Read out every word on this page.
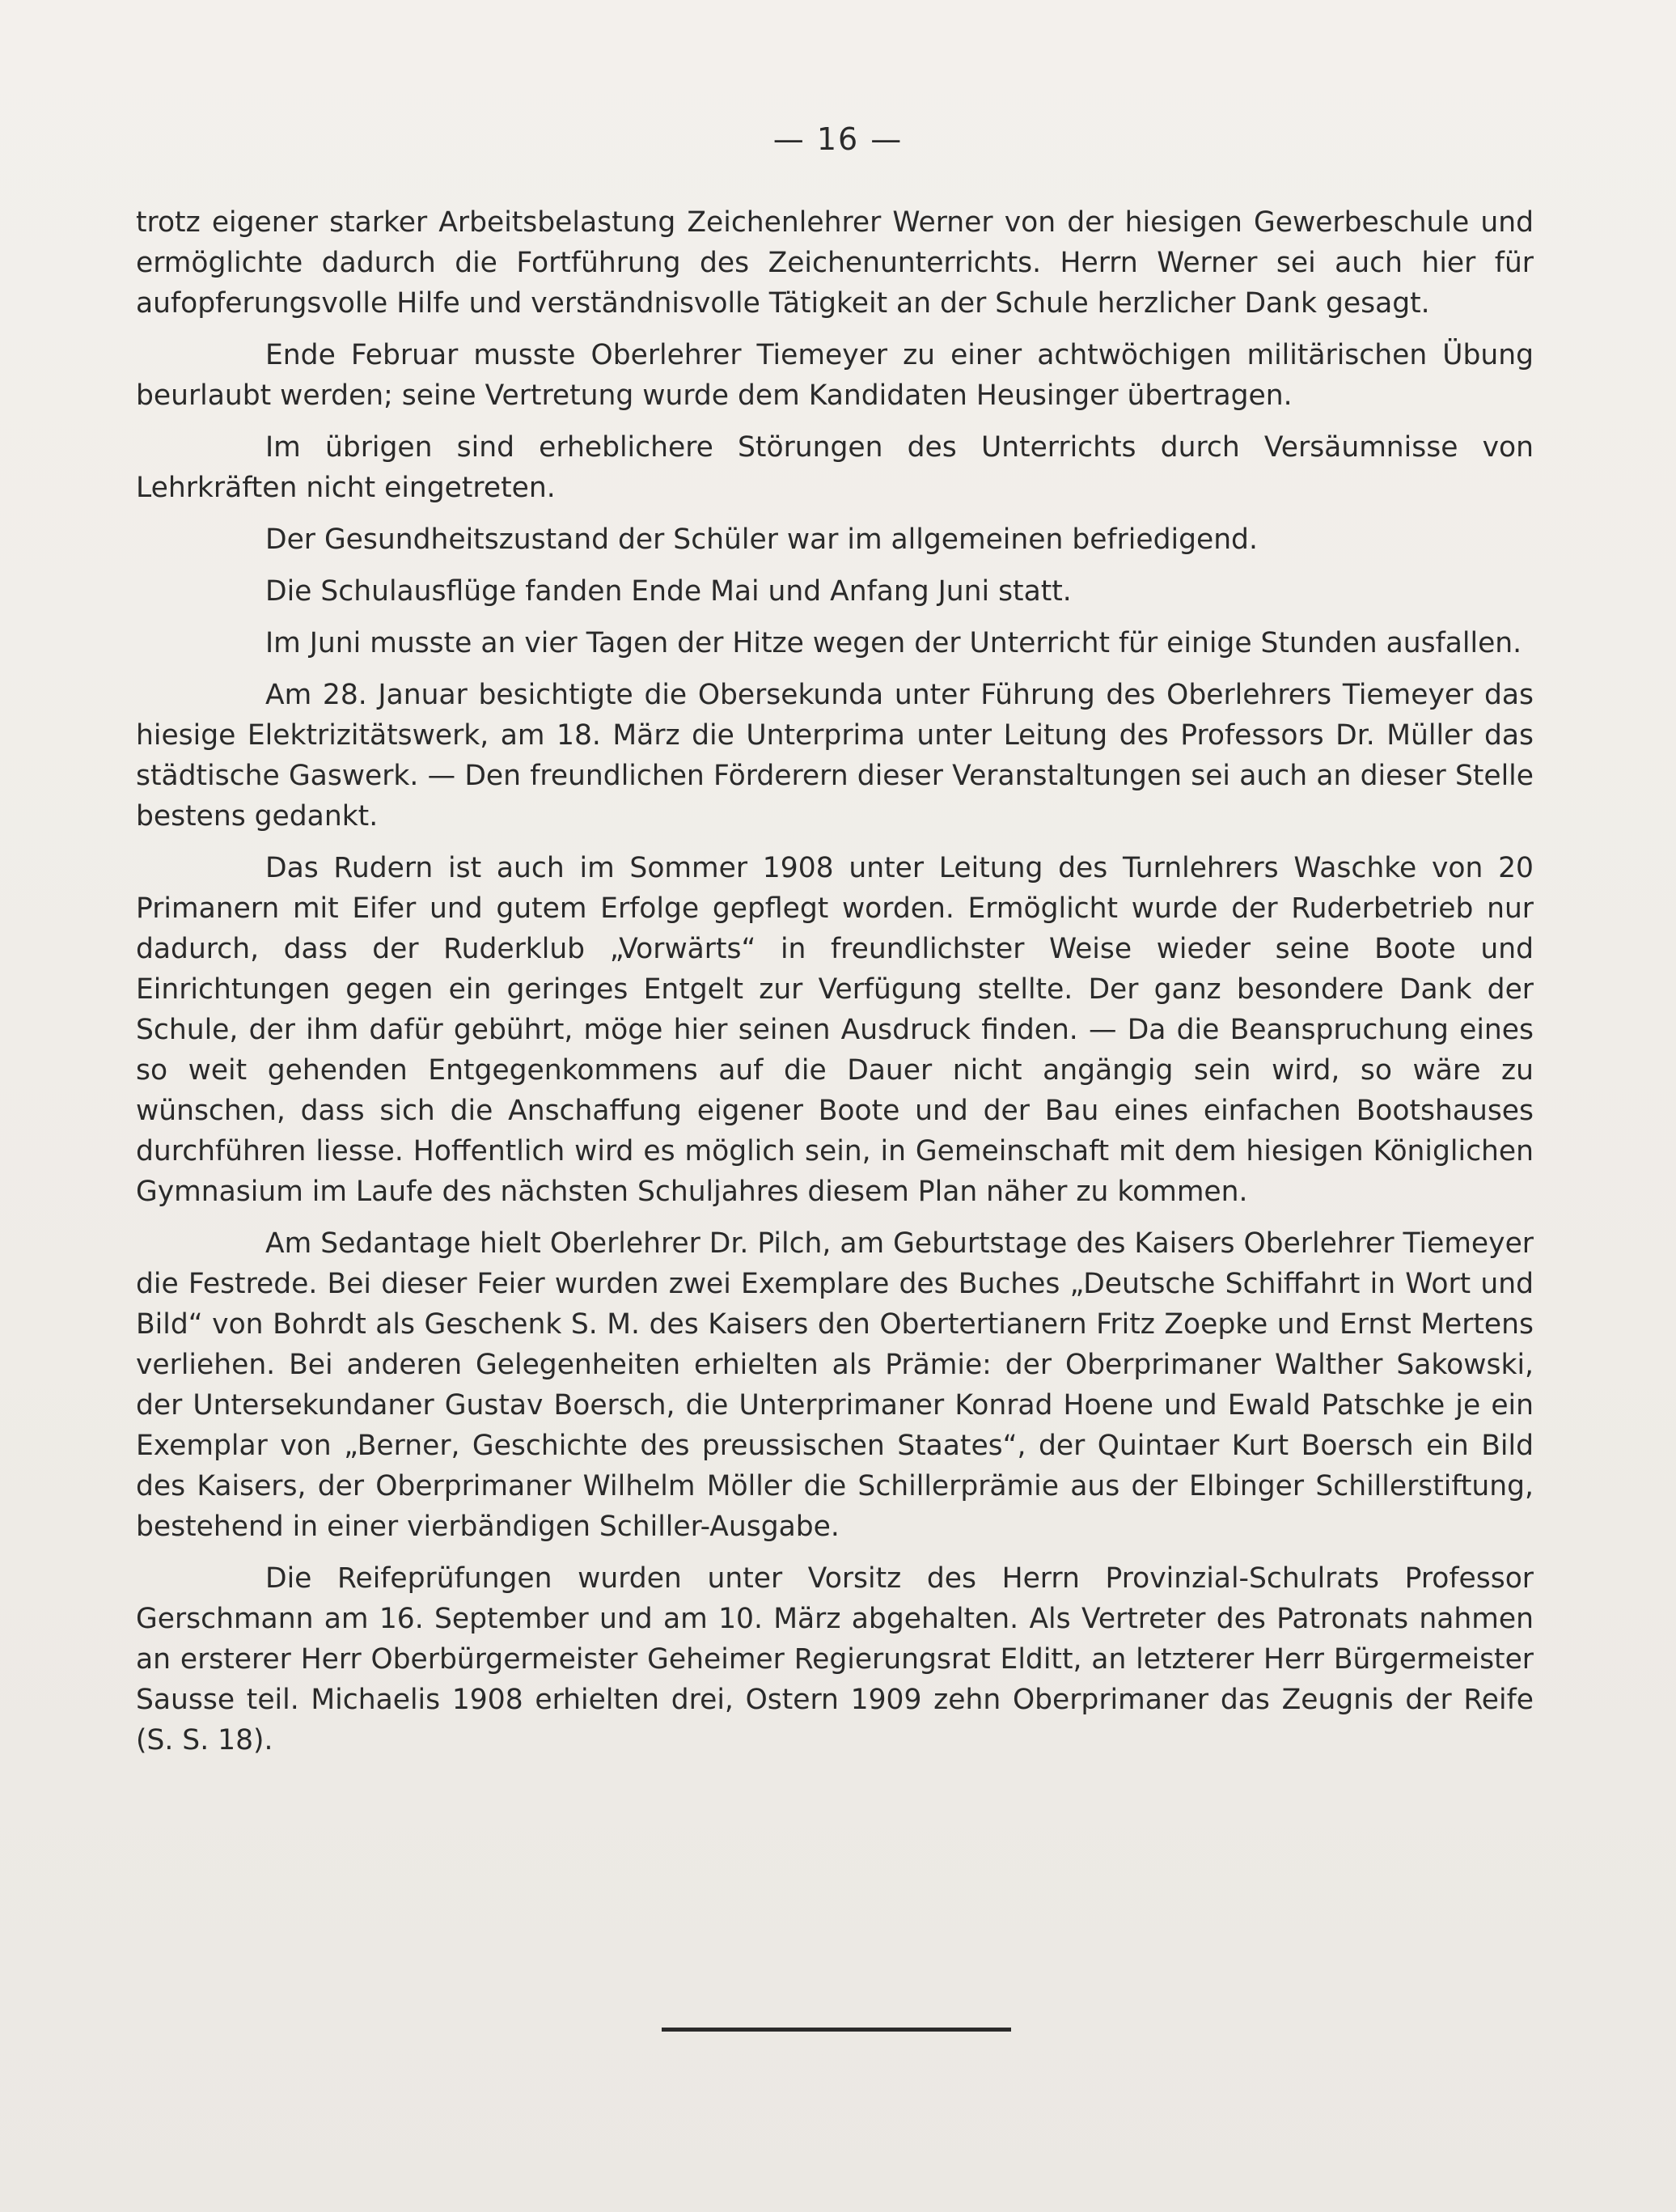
— 16 —

trotz eigener starker Arbeitsbelastung Zeichenlehrer Werner von der hiesigen Gewerbeschule und ermöglichte dadurch die Fortführung des Zeichenunterrichts. Herrn Werner sei auch hier für aufopferungsvolle Hilfe und verständnisvolle Tätigkeit an der Schule herzlicher Dank gesagt.

Ende Februar musste Oberlehrer Tiemeyer zu einer achtwöchigen militärischen Übung beurlaubt werden; seine Vertretung wurde dem Kandidaten Heusinger übertragen.

Im übrigen sind erheblichere Störungen des Unterrichts durch Versäumnisse von Lehrkräften nicht eingetreten.

Der Gesundheitszustand der Schüler war im allgemeinen befriedigend.

Die Schulausflüge fanden Ende Mai und Anfang Juni statt.

Im Juni musste an vier Tagen der Hitze wegen der Unterricht für einige Stunden ausfallen.

Am 28. Januar besichtigte die Obersekunda unter Führung des Oberlehrers Tiemeyer das hiesige Elektrizitätswerk, am 18. März die Unterprima unter Leitung des Professors Dr. Müller das städtische Gaswerk. — Den freundlichen Förderern dieser Veranstaltungen sei auch an dieser Stelle bestens gedankt.

Das Rudern ist auch im Sommer 1908 unter Leitung des Turnlehrers Waschke von 20 Primanern mit Eifer und gutem Erfolge gepflegt worden. Ermöglicht wurde der Ruderbetrieb nur dadurch, dass der Ruderklub „Vorwärts“ in freundlichster Weise wieder seine Boote und Einrichtungen gegen ein geringes Entgelt zur Verfügung stellte. Der ganz besondere Dank der Schule, der ihm dafür gebührt, möge hier seinen Ausdruck finden. — Da die Beanspruchung eines so weit gehenden Entgegenkommens auf die Dauer nicht angängig sein wird, so wäre zu wünschen, dass sich die Anschaffung eigener Boote und der Bau eines einfachen Bootshauses durchführen liesse. Hoffentlich wird es möglich sein, in Gemeinschaft mit dem hiesigen Königlichen Gymnasium im Laufe des nächsten Schuljahres diesem Plan näher zu kommen.

Am Sedantage hielt Oberlehrer Dr. Pilch, am Geburtstage des Kaisers Oberlehrer Tiemeyer die Festrede. Bei dieser Feier wurden zwei Exemplare des Buches „Deutsche Schiffahrt in Wort und Bild“ von Bohrdt als Geschenk S. M. des Kaisers den Obertertianern Fritz Zoepke und Ernst Mertens verliehen. Bei anderen Gelegenheiten erhielten als Prämie: der Oberprimaner Walther Sakowski, der Untersekundaner Gustav Boersch, die Unterprimaner Konrad Hoene und Ewald Patschke je ein Exemplar von „Berner, Geschichte des preussischen Staates“, der Quintaer Kurt Boersch ein Bild des Kaisers, der Oberprimaner Wilhelm Möller die Schillerprämie aus der Elbinger Schillerstiftung, bestehend in einer vierbändigen Schiller-Ausgabe.

Die Reifeprüfungen wurden unter Vorsitz des Herrn Provinzial-Schulrats Professor Gerschmann am 16. September und am 10. März abgehalten. Als Vertreter des Patronats nahmen an ersterer Herr Oberbürgermeister Geheimer Regierungsrat Elditt, an letzterer Herr Bürgermeister Sausse teil. Michaelis 1908 erhielten drei, Ostern 1909 zehn Oberprimaner das Zeugnis der Reife (S. S. 18).
